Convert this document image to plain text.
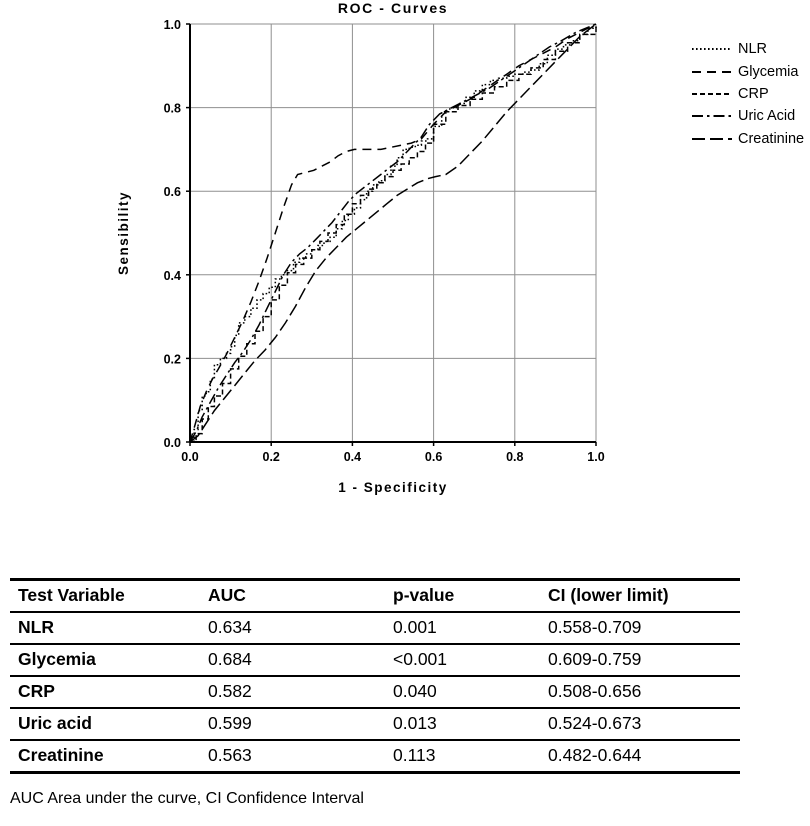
ROC - Curves
0.0	0.2	0.4	0.6	0.8	1.0
0.0
0.2
0.4
0.6
0.8
1.0
1 - Specificity
Sensibility
NLR
Glycemia
CRP
Uric Acid
Creatinine
Test Variable	AUC	p-value	CI (lower limit)
NLR	0.634	0.001	0.558-0.709
Glycemia	0.684	<0.001	0.609-0.759
CRP	0.582	0.040	0.508-0.656
Uric acid	0.599	0.013	0.524-0.673
Creatinine	0.563	0.113	0.482-0.644
AUC Area under the curve, CI Confidence Interval
